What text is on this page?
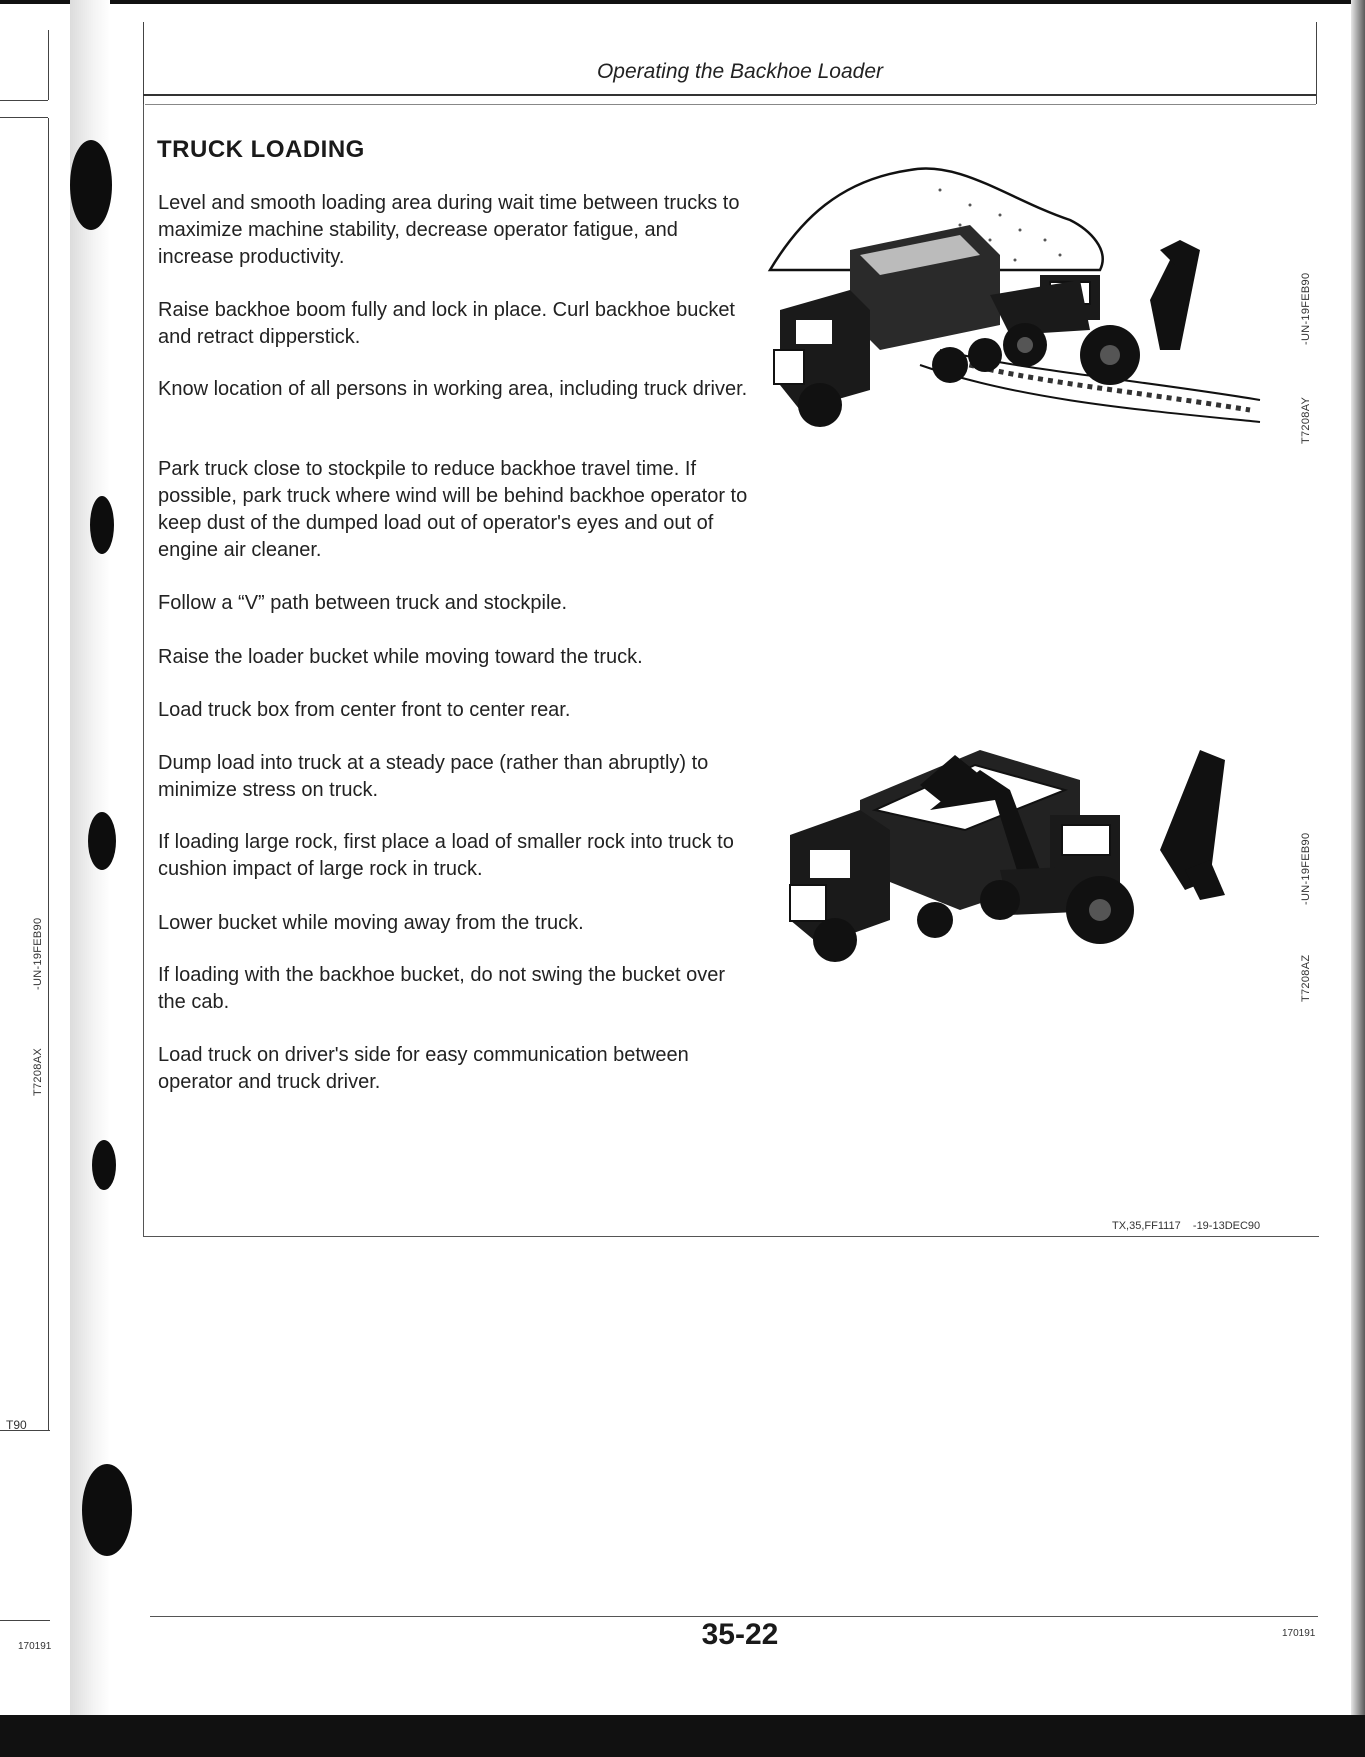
T90
170191
T7208AX
-UN-19FEB90
Operating the Backhoe Loader
TRUCK LOADING

Level and smooth loading area during wait time between trucks to maximize machine stability, decrease operator fatigue, and increase productivity.

Raise backhoe boom fully and lock in place. Curl backhoe bucket and retract dipperstick.

Know location of all persons in working area, including truck driver.

Park truck close to stockpile to reduce backhoe travel time. If possible, park truck where wind will be behind backhoe operator to keep dust of the dumped load out of operator's eyes and out of engine air cleaner.

Follow a “V” path between truck and stockpile.

Raise the loader bucket while moving toward the truck.

Load truck box from center front to center rear.

Dump load into truck at a steady pace (rather than abruptly) to minimize stress on truck.

If loading large rock, first place a load of smaller rock into truck to cushion impact of large rock in truck.

Lower bucket while moving away from the truck.

If loading with the backhoe bucket, do not swing the bucket over the cab.

Load truck on driver's side for easy communication between operator and truck driver.

T7208AY
-UN-19FEB90
T7208AZ
-UN-19FEB90
TX,35,FF1117    -19-13DEC90
35-22	170191
